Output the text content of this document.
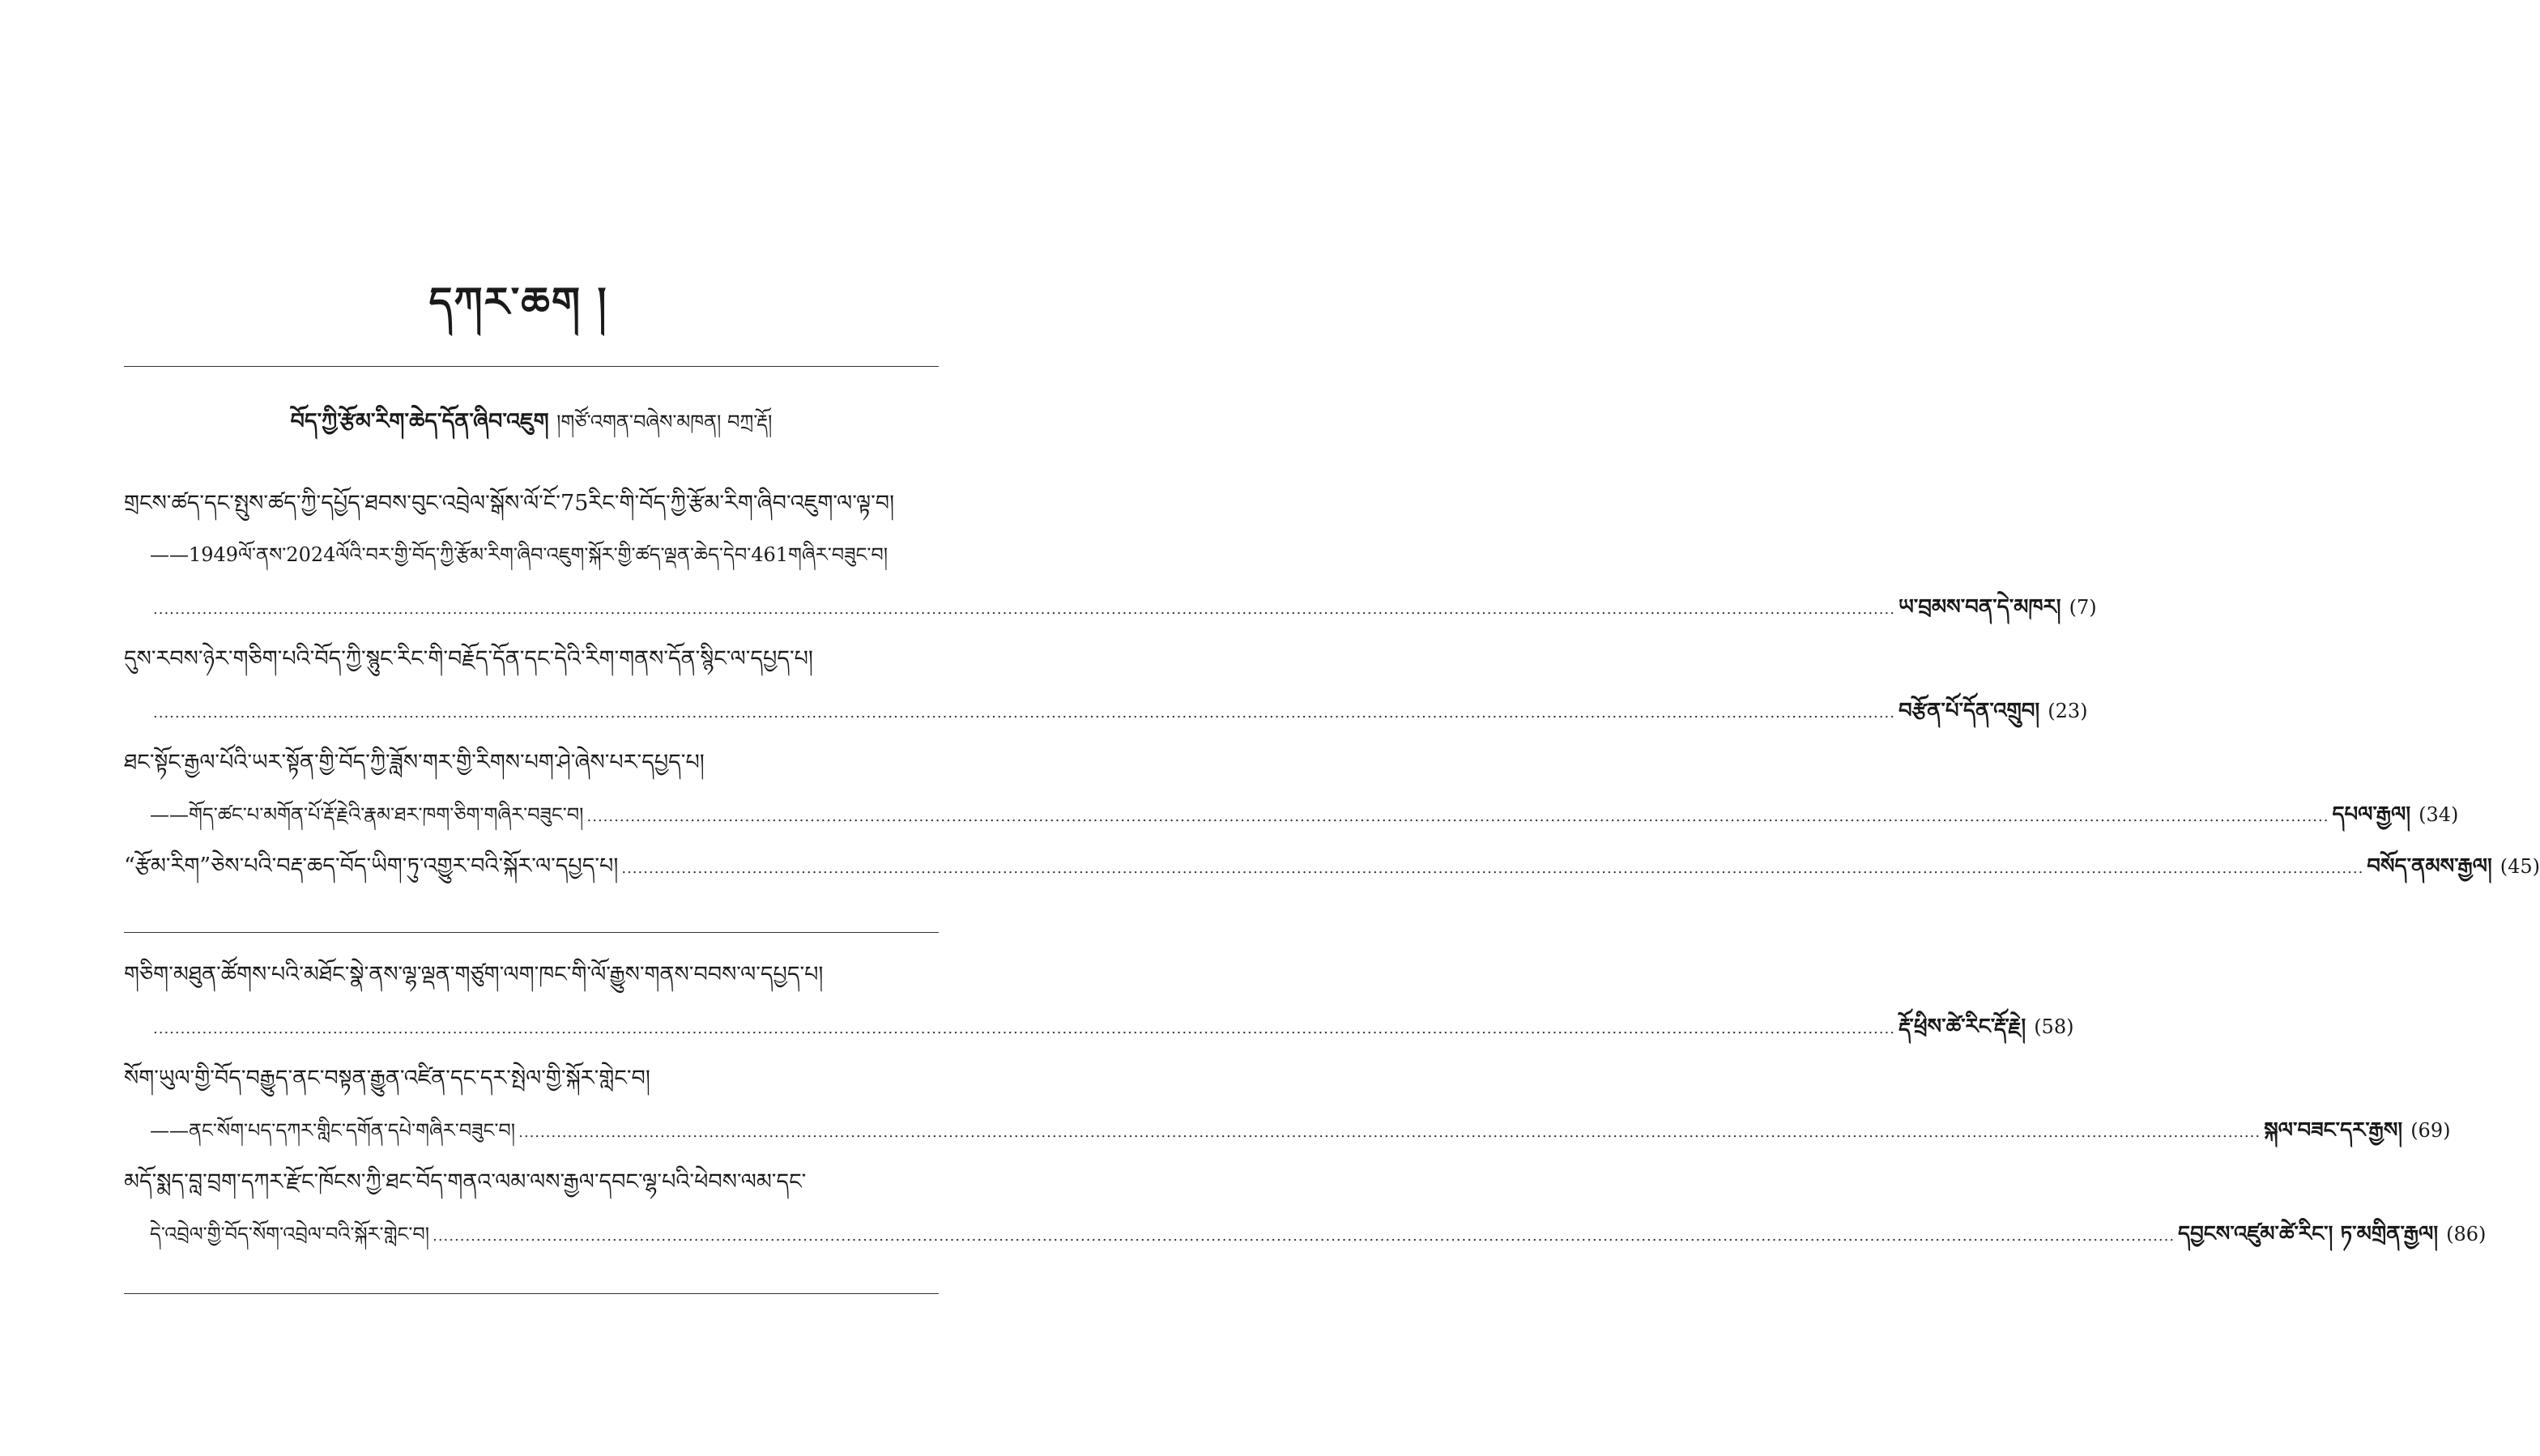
དཀར་ཆག །
བོད་ཀྱི་རྩོམ་རིག་ཆེད་དོན་ཞིབ་འཇུག །གཙོ་འགན་བཞེས་མཁན། བཀྲ་རྡོ།
གྲངས་ཚད་དང་སྤུས་ཚད་ཀྱི་དཔྱོད་ཐབས་བུང་འབྲེལ་སྒོས་ལོ་ངོ་75རིང་གི་བོད་ཀྱི་རྩོམ་རིག་ཞིབ་འཇུག་ལ་ལྟ་བ།
——1949ལོ་ནས་2024ལོའི་བར་གྱི་བོད་ཀྱི་རྩོམ་རིག་ཞིབ་འཇུག་སྐོར་གྱི་ཚད་ལྡན་ཆེད་དེབ་461གཞིར་བཟུང་བ།
.....
ཡ་བྲམས་བན་དེ་མཁར། (7)
དུས་རབས་ཉེར་གཅིག་པའི་བོད་ཀྱི་སྙུང་རིང་གི་བརྗོད་དོན་དང་དེའི་རིག་གནས་དོན་སྙིང་ལ་དཔྱད་པ།
.....
བརྩོན་པོ་དོན་འགྲུབ། (23)
ཐང་སྟོང་རྒྱལ་པོའི་ཡར་སྟོན་གྱི་བོད་ཀྱི་ཟློས་གར་གྱི་རིགས་པག་ཤེ་ཞེས་པར་དཔྱད་པ།
——གོད་ཚང་པ་མགོན་པོ་རྡོ་རྗེའི་རྣམ་ཐར་ཁག་ཅིག་གཞིར་བཟུང་བ། .....	དཔལ་རྒྱལ། (34)
“རྩོམ་རིག”ཅེས་པའི་བརྡ་ཆད་བོད་ཡིག་ཏུ་འགྱུར་བའི་སྐོར་ལ་དཔྱད་པ། .....	བསོད་ནམས་རྒྱལ། (45)
གཅིག་མཐུན་ཚོགས་པའི་མཐོང་སྣེ་ནས་ལྷ་ལྡན་གཙུག་ལག་ཁང་གི་ལོ་རྒྱུས་གནས་བབས་ལ་དཔྱད་པ།
.....
རྡོ་ཕྲིས་ཚེ་རིང་རྡོ་རྗེ། (58)
སོག་ཡུལ་གྱི་བོད་བརྒྱུད་ནང་བསྟན་རྒྱུན་འཛིན་དང་དར་སྤེལ་གྱི་སྐོར་གླེང་བ།
——ནང་སོག་པད་དཀར་གླིང་དགོན་དཔེ་གཞིར་བཟུང་བ། .....	སྐལ་བཟང་དར་རྒྱས། (69)
མདོ་སྨད་བླ་བྲག་དཀར་རྫོང་ཁོངས་ཀྱི་ཐང་བོད་གནའ་ལམ་ལས་རྒྱལ་དབང་ལྷ་པའི་ཕེབས་ལམ་དང་
དེ་འབྲེལ་གྱི་བོད་སོག་འབྲེལ་བའི་སྐོར་གླེང་བ། .....	དབྱངས་འཛུམ་ཚེ་རིང་། ཏ་མགྲིན་རྒྱལ། (86)
